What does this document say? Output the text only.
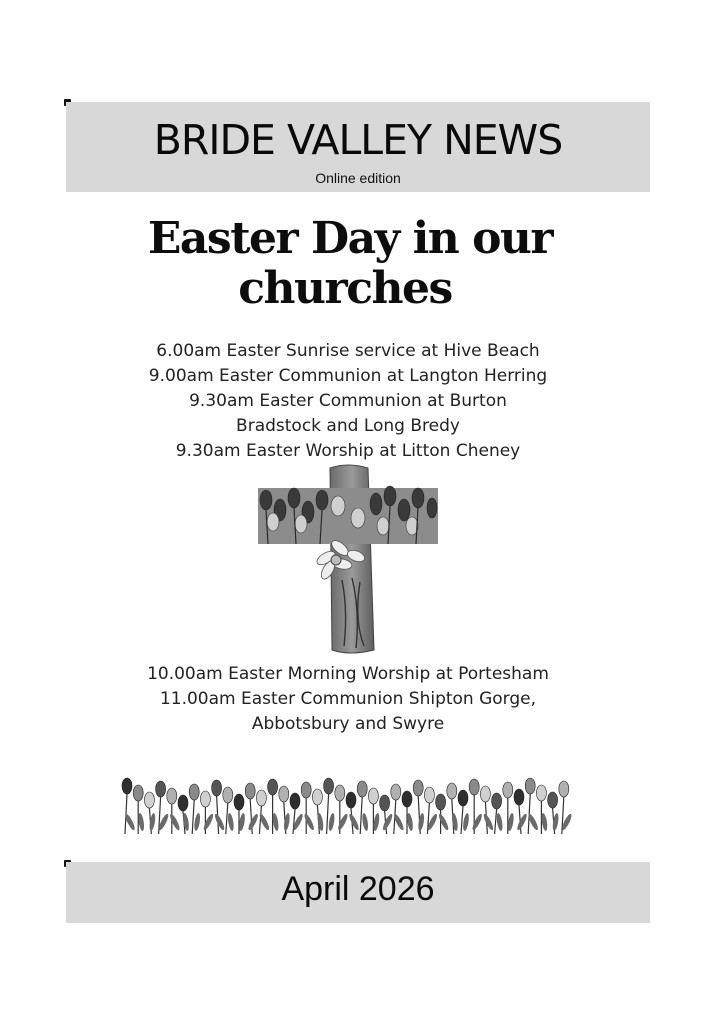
BRIDE VALLEY NEWS
Online edition
Easter Day in our
churches
6.00am Easter Sunrise service at Hive Beach
9.00am Easter Communion at Langton Herring
9.30am Easter Communion at Burton
Bradstock and Long Bredy
9.30am Easter Worship at Litton Cheney
10.00am Easter Morning Worship at Portesham
11.00am Easter Communion Shipton Gorge,
Abbotsbury and Swyre
April 2026
